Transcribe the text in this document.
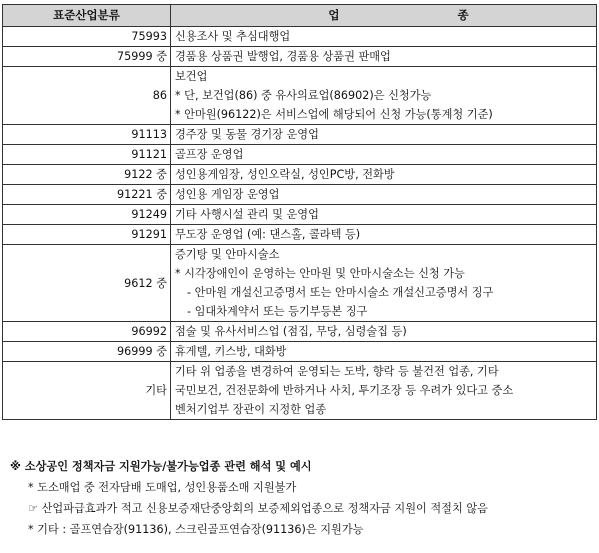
표준산업분류	업 종

75993	신용조사 및 추심대행업

75999 중	경품용 상품권 발행업, 경품용 상품권 판매업

86	보건업
* 단, 보건업(86) 중 유사의료업(86902)은 신청가능
* 안마원(96122)은 서비스업에 해당되어 신청 가능(통계청 기준)

91113	경주장 및 동물 경기장 운영업

91121	골프장 운영업

9122 중	성인용게임장, 성인오락실, 성인PC방, 전화방

91221 중	성인용 게임장 운영업

91249	기타 사행시설 관리 및 운영업

91291	무도장 운영업 (예: 댄스홀, 콜라텍 등)

9612 중	증기탕 및 안마시술소
* 시각장애인이 운영하는 안마원 및 안마시술소는 신청 가능
- 안마원 개설신고증명서 또는 안마시술소 개설신고증명서 징구
- 임대차계약서 또는 등기부등본 징구

96992	점술 및 유사서비스업 (점집, 무당, 심령술집 등)

96999 중	휴게텔, 키스방, 대화방

기타	기타 위 업종을 변경하여 운영되는 도박, 향락 등 불건전 업종, 기타
국민보건, 건전문화에 반하거나 사치, 투기조장 등 우려가 있다고 중소
벤처기업부 장관이 지정한 업종
※ 소상공인 정책자금 지원가능/불가능업종 관련 해석 및 예시
* 도소매업 중 전자담배 도매업, 성인용품소매 지원불가
☞ 산업파급효과가 적고 신용보증재단중앙회의 보증제외업종으로 정책자금 지원이 적절치 않음
* 기타 : 골프연습장(91136), 스크린골프연습장(91136)은 지원가능
